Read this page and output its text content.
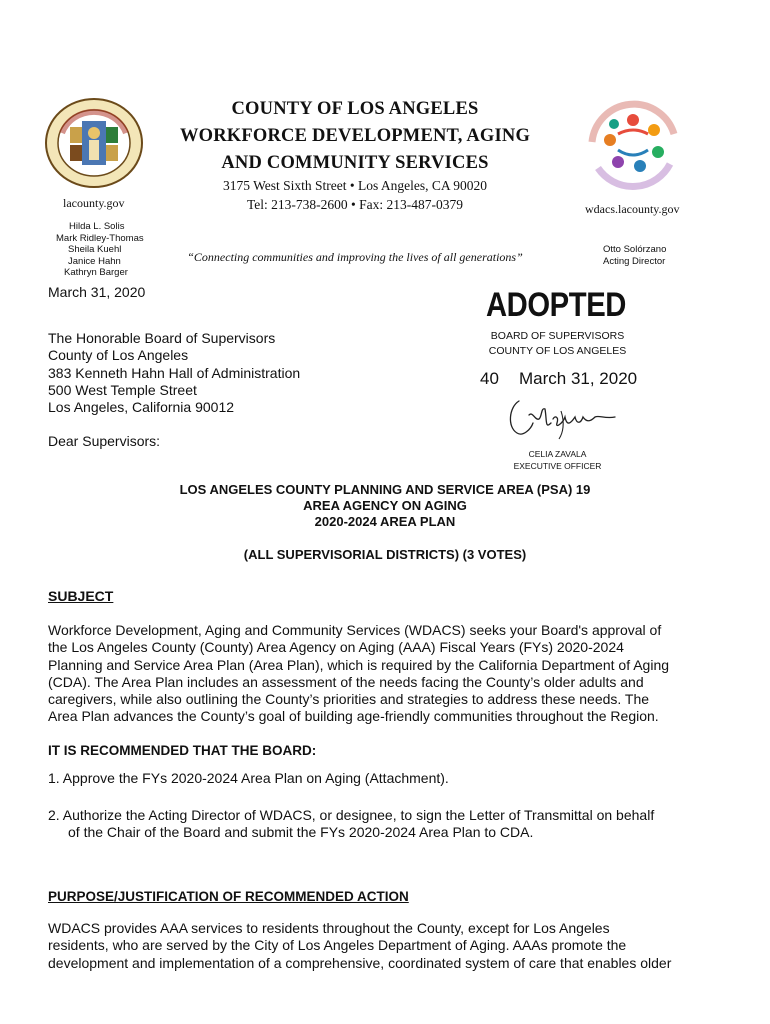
COUNTY OF LOS ANGELES
WORKFORCE DEVELOPMENT, AGING
AND COMMUNITY SERVICES
3175 West Sixth Street • Los Angeles, CA 90020
Tel: 213-738-2600 • Fax: 213-487-0379
lacounty.gov	wdacs.lacounty.gov
Hilda L. Solis
Mark Ridley-Thomas
Sheila Kuehl
Janice Hahn
Kathryn Barger
“Connecting communities and improving the lives of all generations”
Otto Solórzano
Acting Director
March 31, 2020	ADOPTED
BOARD OF SUPERVISORS
COUNTY OF LOS ANGELES
40 March 31, 2020
CELIA ZAVALA
EXECUTIVE OFFICER
The Honorable Board of Supervisors
County of Los Angeles
383 Kenneth Hahn Hall of Administration
500 West Temple Street
Los Angeles, California 90012
Dear Supervisors:
LOS ANGELES COUNTY PLANNING AND SERVICE AREA (PSA) 19
AREA AGENCY ON AGING
2020-2024 AREA PLAN
(ALL SUPERVISORIAL DISTRICTS) (3 VOTES)
SUBJECT
Workforce Development, Aging and Community Services (WDACS) seeks your Board's approval of
the Los Angeles County (County) Area Agency on Aging (AAA) Fiscal Years (FYs) 2020-2024
Planning and Service Area Plan (Area Plan), which is required by the California Department of Aging
(CDA). The Area Plan includes an assessment of the needs facing the County’s older adults and
caregivers, while also outlining the County’s priorities and strategies to address these needs. The
Area Plan advances the County’s goal of building age-friendly communities throughout the Region.
IT IS RECOMMENDED THAT THE BOARD:
1. Approve the FYs 2020-2024 Area Plan on Aging (Attachment).
2. Authorize the Acting Director of WDACS, or designee, to sign the Letter of Transmittal on behalf
of the Chair of the Board and submit the FYs 2020-2024 Area Plan to CDA.
PURPOSE/JUSTIFICATION OF RECOMMENDED ACTION
WDACS provides AAA services to residents throughout the County, except for Los Angeles
residents, who are served by the City of Los Angeles Department of Aging. AAAs promote the
development and implementation of a comprehensive, coordinated system of care that enables older
